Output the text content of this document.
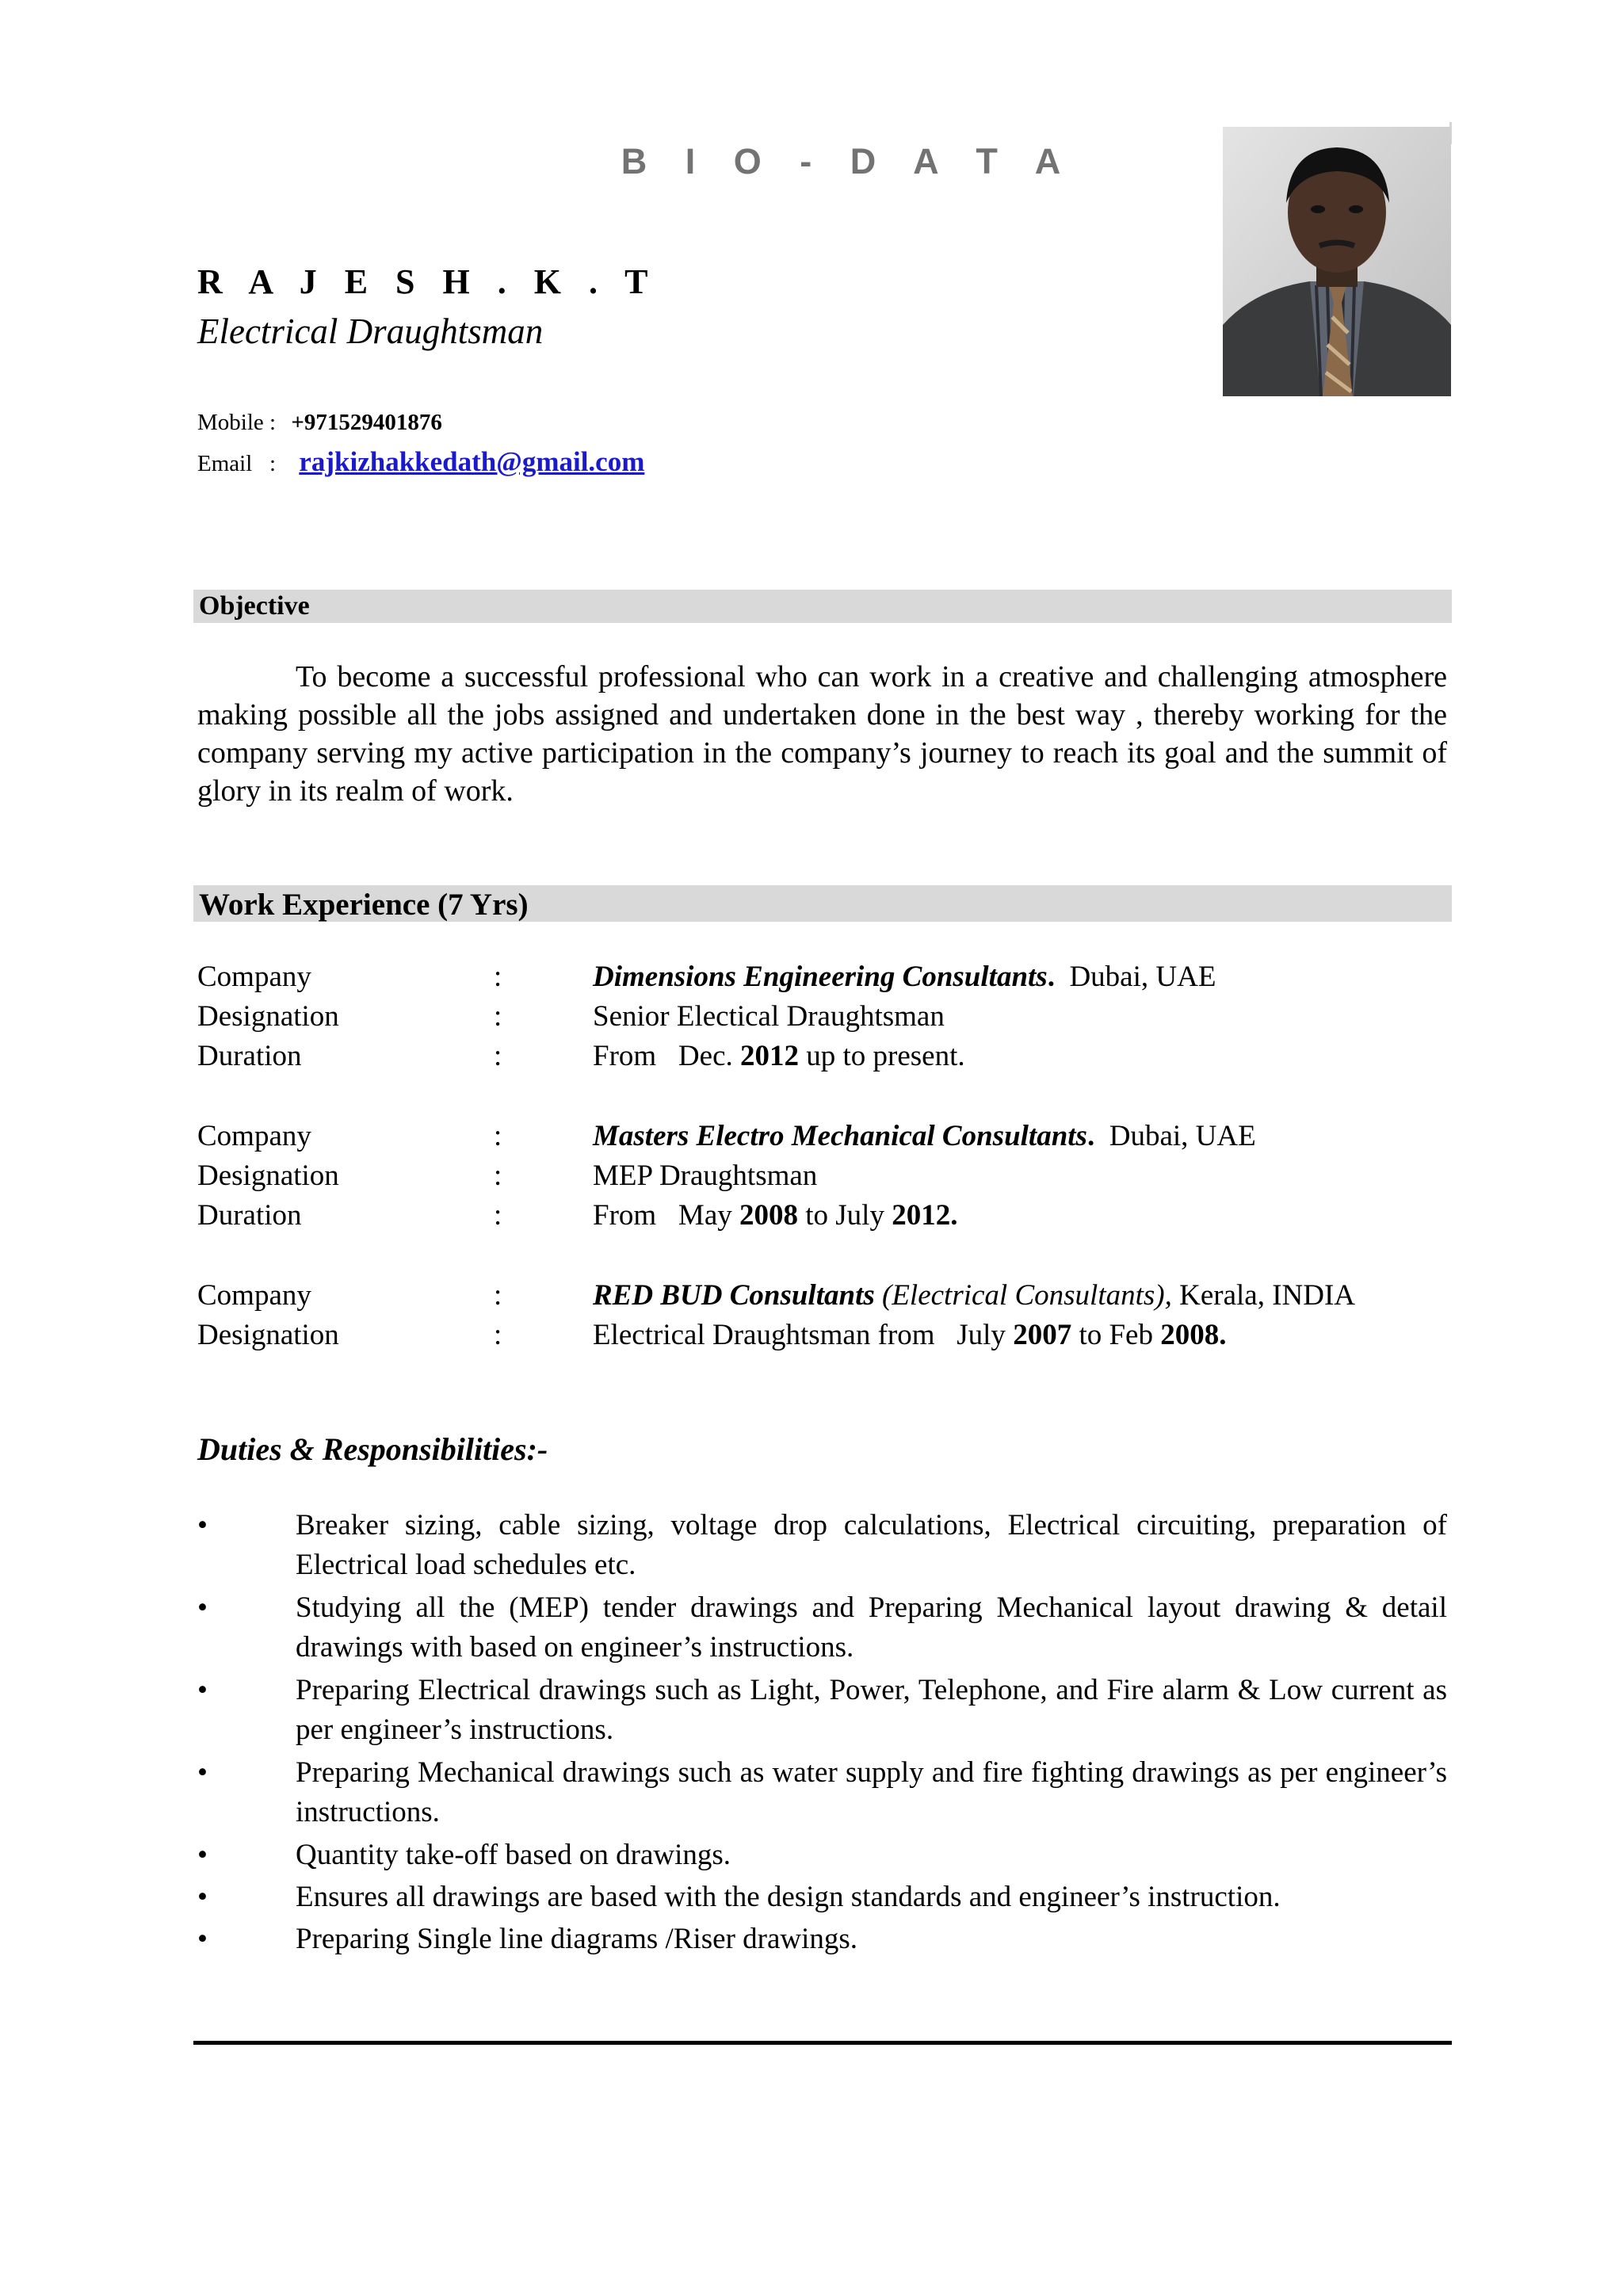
B I O - D A T A
R A J E S H . K . T
Electrical Draughtsman
Mobile : +971529401876
Email   : rajkizhakkedath@gmail.com
Objective
To become a successful professional who can work in a creative and challenging atmosphere making possible all the jobs assigned and undertaken done in the best way , thereby working for the company serving my active participation in the company’s journey to reach its goal and the summit of glory in its realm of work.
Work Experience (7 Yrs)
Company	:	Dimensions Engineering Consultants.  Dubai, UAE
Designation	:	Senior Electical Draughtsman
Duration	:	From   Dec. 2012 up to present.
Company	:	Masters Electro Mechanical Consultants.  Dubai, UAE
Designation	:	MEP Draughtsman
Duration	:	From   May 2008 to July 2012.
Company	:	RED BUD Consultants (Electrical Consultants), Kerala, INDIA
Designation	:	Electrical Draughtsman from   July 2007 to Feb 2008.
Duties & Responsibilities:-
•	Breaker sizing, cable sizing, voltage drop calculations, Electrical circuiting, preparation of Electrical load schedules etc.
•	Studying all the (MEP) tender drawings and Preparing Mechanical layout drawing & detail drawings with based on engineer’s instructions.
•	Preparing Electrical drawings such as Light, Power, Telephone, and Fire alarm & Low current as per engineer’s instructions.
•	Preparing Mechanical drawings such as water supply and fire fighting drawings as per engineer’s instructions.
•	Quantity take-off based on drawings.
•	Ensures all drawings are based with the design standards and engineer’s instruction.
•	Preparing Single line diagrams /Riser drawings.
